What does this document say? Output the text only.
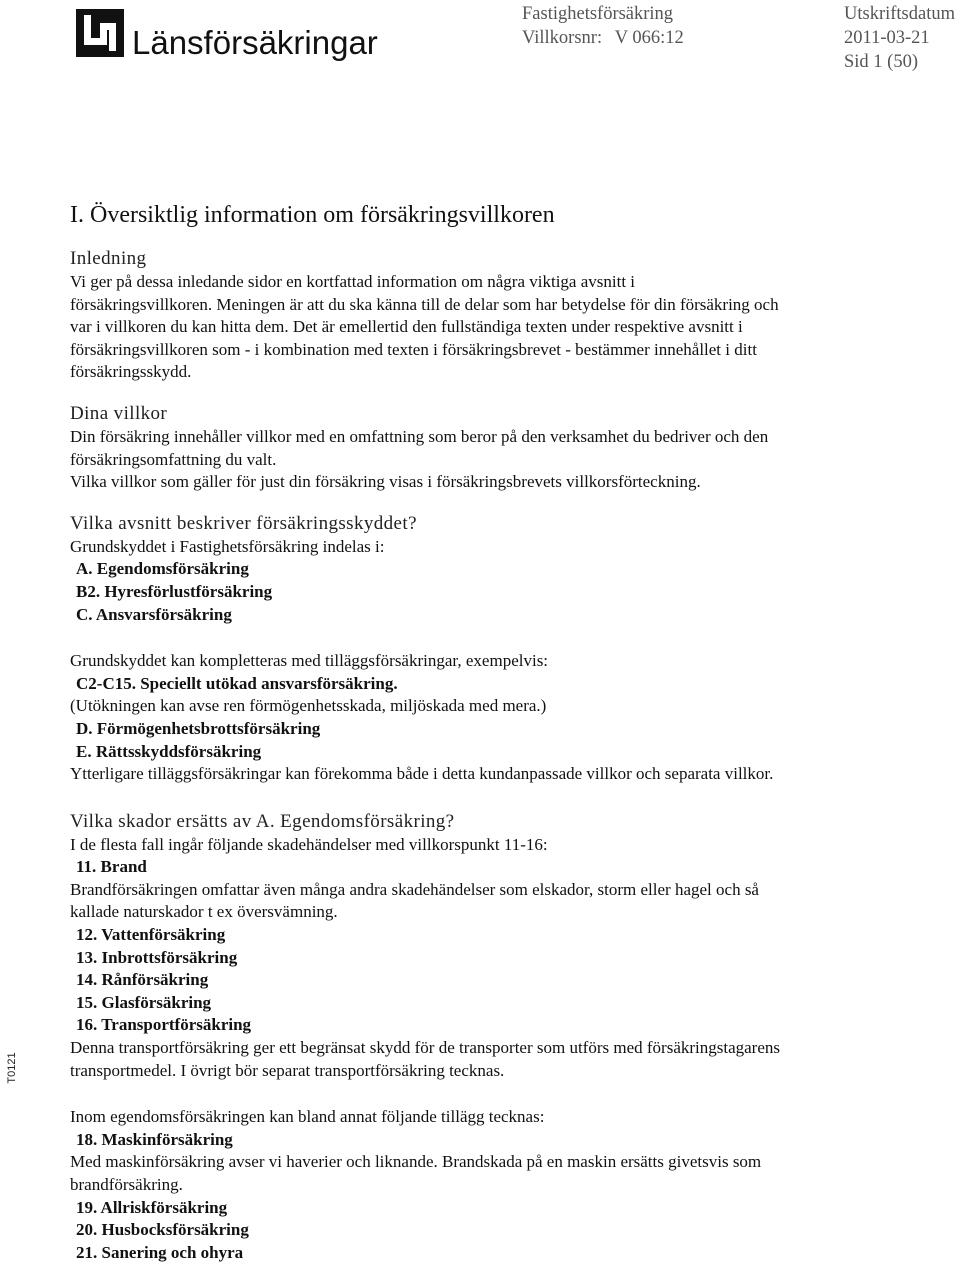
Länsförsäkringar
Fastighetsförsäkring
Villkorsnr: V 066:12
Utskriftsdatum
2011-03-21
Sid 1 (50)
T0121
I. Översiktlig information om försäkringsvillkoren
Inledning

Vi ger på dessa inledande sidor en kortfattad information om några viktiga avsnitt i

försäkringsvillkoren. Meningen är att du ska känna till de delar som har betydelse för din försäkring och

var i villkoren du kan hitta dem. Det är emellertid den fullständiga texten under respektive avsnitt i

försäkringsvillkoren som - i kombination med texten i försäkringsbrevet - bestämmer innehållet i ditt

försäkringsskydd.

Dina villkor

Din försäkring innehåller villkor med en omfattning som beror på den verksamhet du bedriver och den

försäkringsomfattning du valt.

Vilka villkor som gäller för just din försäkring visas i försäkringsbrevets villkorsförteckning.

Vilka avsnitt beskriver försäkringsskyddet?

Grundskyddet i Fastighetsförsäkring indelas i:

A. Egendomsförsäkring

B2. Hyresförlustförsäkring

C. Ansvarsförsäkring

Grundskyddet kan kompletteras med tilläggsförsäkringar, exempelvis:

C2-C15. Speciellt utökad ansvarsförsäkring.

(Utökningen kan avse ren förmögenhetsskada, miljöskada med mera.)

D. Förmögenhetsbrottsförsäkring

E. Rättsskyddsförsäkring

Ytterligare tilläggsförsäkringar kan förekomma både i detta kundanpassade villkor och separata villkor.

Vilka skador ersätts av A. Egendomsförsäkring?

I de flesta fall ingår följande skadehändelser med villkorspunkt 11-16:

11. Brand

Brandförsäkringen omfattar även många andra skadehändelser som elskador, storm eller hagel och så

kallade naturskador t ex översvämning.

12. Vattenförsäkring

13. Inbrottsförsäkring

14. Rånförsäkring

15. Glasförsäkring

16. Transportförsäkring

Denna transportförsäkring ger ett begränsat skydd för de transporter som utförs med försäkringstagarens

transportmedel. I övrigt bör separat transportförsäkring tecknas.

Inom egendomsförsäkringen kan bland annat följande tillägg tecknas:

18. Maskinförsäkring

Med maskinförsäkring avser vi haverier och liknande. Brandskada på en maskin ersätts givetsvis som

brandförsäkring.

19. Allriskförsäkring

20. Husbocksförsäkring

21. Sanering och ohyra
